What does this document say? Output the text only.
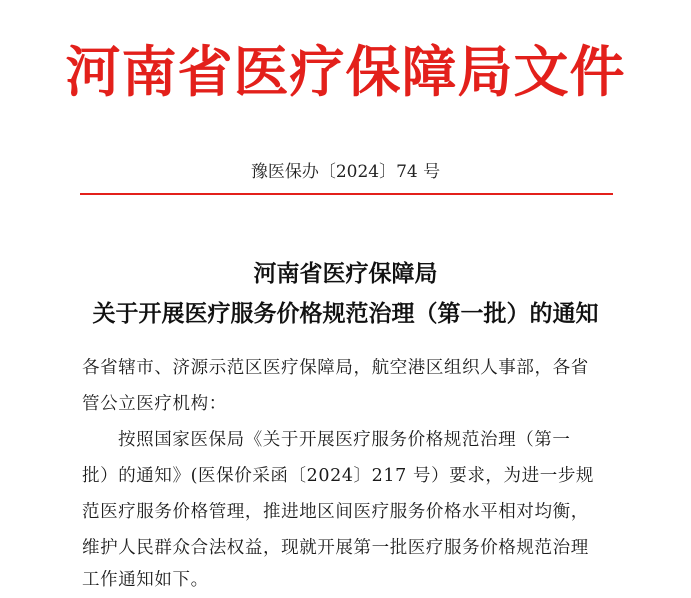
河南省医疗保障局文件
豫医保办〔2024〕74 号
河南省医疗保障局
关于开展医疗服务价格规范治理（第一批）的通知
各省辖市、济源示范区医疗保障局，航空港区组织人事部，各省
管公立医疗机构：
按照国家医保局《关于开展医疗服务价格规范治理（第一
批）的通知》(医保价采函〔2024〕217 号）要求，为进一步规
范医疗服务价格管理，推进地区间医疗服务价格水平相对均衡，
维护人民群众合法权益，现就开展第一批医疗服务价格规范治理
工作通知如下。
